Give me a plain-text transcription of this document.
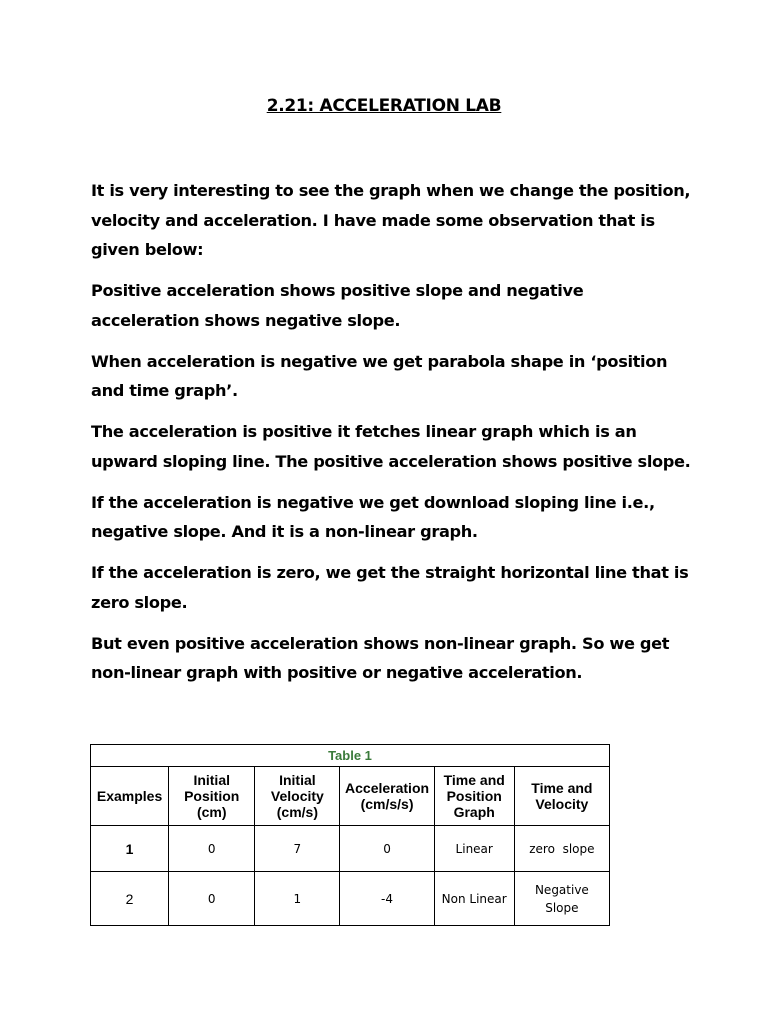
2.21: ACCELERATION LAB

It is very interesting to see the graph when we change the position, velocity and acceleration. I have made some observation that is given below:

Positive acceleration shows positive slope and negative acceleration shows negative slope.

When acceleration is negative we get parabola shape in ‘position and time graph’.

The acceleration is positive it fetches linear graph which is an upward sloping line. The positive acceleration shows positive slope.

If the acceleration is negative we get download sloping line i.e., negative slope. And it is a non-linear graph.

If the acceleration is zero, we get the straight horizontal line that is zero slope.

But even positive acceleration shows non-linear graph. So we get non-linear graph with positive or negative acceleration.

Table 1					
Examples	Initial Position (cm)	Initial Velocity (cm/s)	Acceleration (cm/s/s)	Time and Position Graph	Time and Velocity
1	0	7	0	Linear	zero  slope
2	0	1	-4	Non Linear	Negative Slope
